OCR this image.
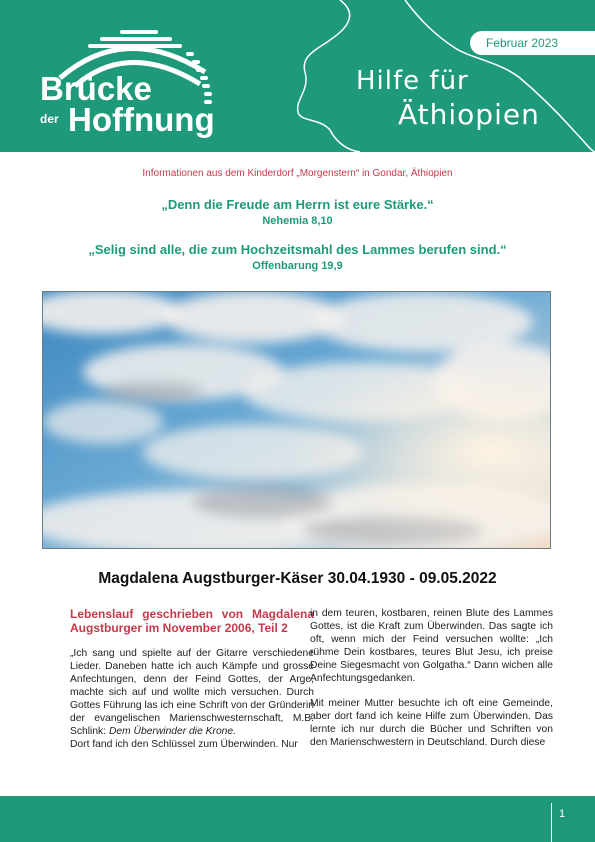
Brücke
der Hoffnung
Februar 2023
Hilfe für
Äthiopien
Informationen aus dem Kinderdorf „Morgenstern“ in Gondar, Äthiopien
„Denn die Freude am Herrn ist eure Stärke.“
Nehemia 8,10
„Selig sind alle, die zum Hochzeitsmahl des Lammes berufen sind.“
Offenbarung 19,9
Magdalena Augstburger-Käser 30.04.1930 - 09.05.2022

Lebenslauf geschrieben von Magdalena Augstburger im November 2006, Teil 2

„Ich sang und spielte auf der Gitarre verschiedene Lieder. Daneben hatte ich auch Kämpfe und grosse Anfechtungen, denn der Feind Gottes, der Arge, machte sich auf und wollte mich versuchen. Durch Gottes Führung las ich eine Schrift von der Gründerin der evangelischen Marienschwesternschaft, M.B. Schlink: Dem Überwinder die Krone.
Dort fand ich den Schlüssel zum Überwinden. Nur

in dem teuren, kostbaren, reinen Blute des Lammes Gottes, ist die Kraft zum Überwinden. Das sagte ich oft, wenn mich der Feind versuchen wollte: „Ich rühme Dein kostbares, teures Blut Jesu, ich preise Deine Siegesmacht von Golgatha.“ Dann wichen alle Anfechtungsgedanken.

Mit meiner Mutter besuchte ich oft eine Gemeinde, aber dort fand ich keine Hilfe zum Überwinden. Das lernte ich nur durch die Bücher und Schriften von den Marienschwestern in Deutschland. Durch diese

1
